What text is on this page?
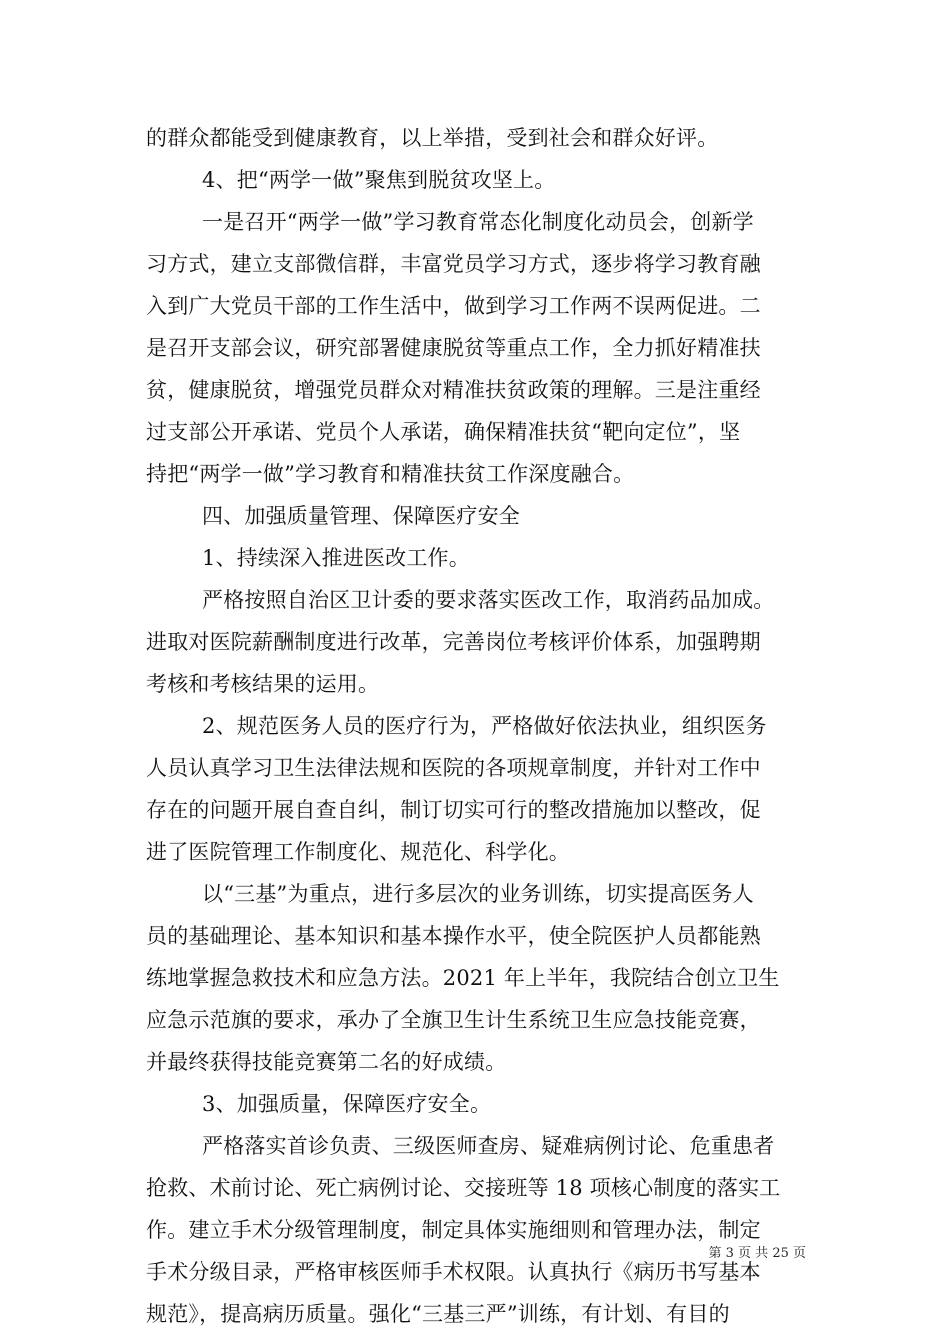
的群众都能受到健康教育，以上举措，受到社会和群众好评。
4、把“两学一做”聚焦到脱贫攻坚上。
一是召开“两学一做”学习教育常态化制度化动员会，创新学
习方式，建立支部微信群，丰富党员学习方式，逐步将学习教育融
入到广大党员干部的工作生活中，做到学习工作两不误两促进。二
是召开支部会议，研究部署健康脱贫等重点工作，全力抓好精准扶
贫，健康脱贫，增强党员群众对精准扶贫政策的理解。三是注重经
过支部公开承诺、党员个人承诺，确保精准扶贫“靶向定位”，坚
持把“两学一做”学习教育和精准扶贫工作深度融合。
四、加强质量管理、保障医疗安全
1、持续深入推进医改工作。
严格按照自治区卫计委的要求落实医改工作，取消药品加成。
进取对医院薪酬制度进行改革，完善岗位考核评价体系，加强聘期
考核和考核结果的运用。
2、规范医务人员的医疗行为，严格做好依法执业，组织医务
人员认真学习卫生法律法规和医院的各项规章制度，并针对工作中
存在的问题开展自查自纠，制订切实可行的整改措施加以整改，促
进了医院管理工作制度化、规范化、科学化。
以“三基”为重点，进行多层次的业务训练，切实提高医务人
员的基础理论、基本知识和基本操作水平，使全院医护人员都能熟
练地掌握急救技术和应急方法。2021 年上半年，我院结合创立卫生
应急示范旗的要求，承办了全旗卫生计生系统卫生应急技能竞赛，
并最终获得技能竞赛第二名的好成绩。
3、加强质量，保障医疗安全。
严格落实首诊负责、三级医师查房、疑难病例讨论、危重患者
抢救、术前讨论、死亡病例讨论、交接班等 18 项核心制度的落实工
作。建立手术分级管理制度，制定具体实施细则和管理办法，制定
手术分级目录，严格审核医师手术权限。认真执行《病历书写基本
规范》，提高病历质量。强化“三基三严”训练，有计划、有目的
第 3 页 共 25 页
